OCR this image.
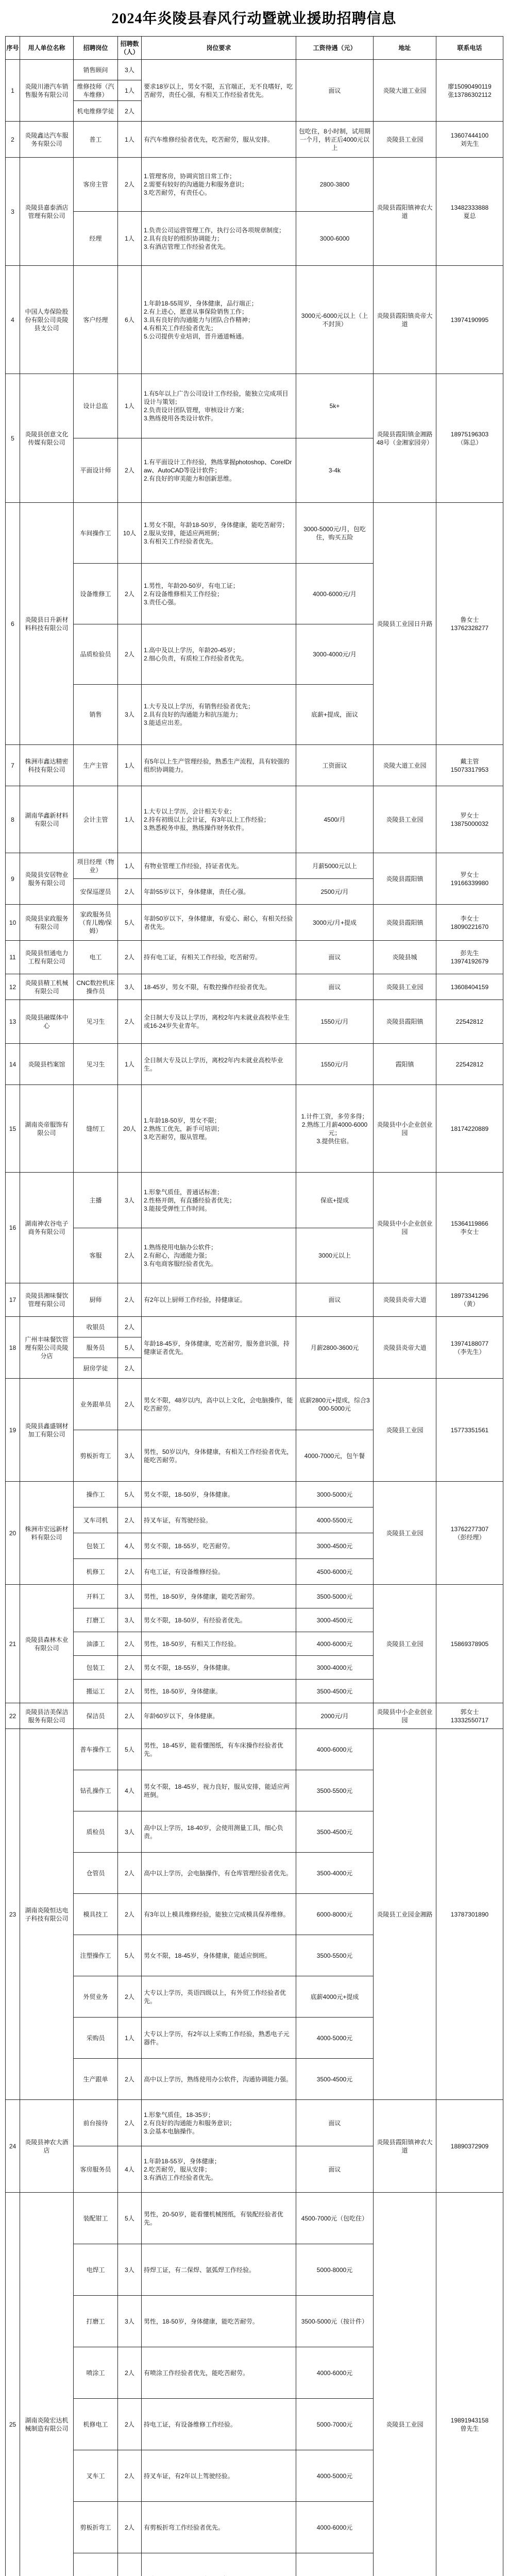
2024年炎陵县春风行动暨就业援助招聘信息
序号	用人单位名称	招聘岗位	招聘数（人）	岗位要求	工资待遇（元）	地址	联系电话
1	炎陵川港汽车销售服务有限公司	销售顾问	3人	要求18岁以上，男女不限，五官端正，无不良嗜好，吃苦耐劳，责任心强，有相关工作经验者优先。	面议	炎陵大道工业园	廖15090490119
张13786302112
		维修技师（汽车维修）	1人				
		机电维修学徒	2人				
2	炎陵鑫达汽车服务有限公司	普工	1人	有汽车维修经验者优先，吃苦耐劳，服从安排。	包吃住，8小时制，试用期一个月，转正后4000元以上	炎陵县工业园	13607444100
刘先生
3	炎陵县嘉泰酒店管理有限公司	客房主管	2人	1.管理客房，协调宾馆日常工作；
2.需要有较好的沟通能力和服务意识；
3.吃苦耐劳，有责任心。	2800-3800	炎陵县霞阳镇神农大道	13482333888
夏总
		经理	1人	1.负责公司运营管理工作，执行公司各项规章制度；
2.具有良好的组织协调能力；
3.有酒店管理工作经验者优先。	3000-6000		
4	中国人寿保险股份有限公司炎陵县支公司	客户经理	6人	1.年龄18-55周岁，身体健康，品行端正；
2.有上进心，愿意从事保险销售工作；
3.具有良好的沟通能力与团队合作精神；
4.有相关工作经验者优先；
5.公司提供专业培训，晋升通道畅通。	3000元-6000元以上（上不封顶）	炎陵县霞阳镇炎帝大道	13974190995
5	炎陵县创意文化传媒有限公司	设计总监	1人	1.有5年以上广告公司设计工作经验，能独立完成项目设计与策划；
2.负责设计团队管理，审核设计方案；
3.熟练使用各类设计软件。	5k+	炎陵县霞阳镇金湘路48号（金湘家园旁）	18975196303
（陈总）
		平面设计师	2人	1.有平面设计工作经验，熟练掌握photoshop、CorelDraw、AutoCAD等设计软件；
2.有良好的审美能力和创新思维。	3-4k		
6	炎陵县日升新材料科技有限公司	车间操作工	10人	1.男女不限，年龄18-50岁，身体健康，能吃苦耐劳；
2.服从安排，能适应两班倒；
3.有相关工作经验者优先。	3000-5000元/月，包吃住，购买五险	炎陵县工业园日升路	鲁女士
13762328277
		设备维修工	2人	1.男性，年龄20-50岁，有电工证；
2.有设备维修相关工作经验；
3.责任心强。	4000-6000元/月		
		品质检验员	2人	1.高中及以上学历，年龄20-45岁；
2.细心负责，有质检工作经验者优先。	3000-4000元/月		
		销售	3人	1.大专及以上学历，有销售经验者优先；
2.具有良好的沟通能力和抗压能力；
3.能适应出差。	底薪+提成，面议		
7	株洲市鑫达精密科技有限公司	生产主管	1人	有5年以上生产管理经验，熟悉生产流程，具有较强的组织协调能力。	工资面议	炎陵大道工业园	戴主管
15073317953
8	湖南华鑫新材料有限公司	会计主管	1人	1.大专以上学历，会计相关专业；
2.持有初级以上会计证，有3年以上工作经验；
3.熟悉税务申报，熟练操作财务软件。	4500/月	炎陵县工业园	罗女士
13875000032
9	炎陵县安居物业服务有限公司	项目经理（物业）	1人	有物业管理工作经验，持证者优先。	月薪5000元以上	炎陵县霞阳镇	罗女士
19166339980
		安保巡逻员	2人	年龄55岁以下，身体健康，责任心强。	2500元/月		
10	炎陵县家政服务有限公司	家政服务员（育儿嫂/保姆）	5人	年龄50岁以下，身体健康，有爱心、耐心，有相关经验者优先。	3000元/月+提成	炎陵县霞阳镇	李女士
18090221670
11	炎陵县恒通电力工程有限公司	电工	2人	持有电工证，有相关工作经验，吃苦耐劳。	面议	炎陵县城	彭先生
13974192679
12	炎陵县精工机械有限公司	CNC数控机床操作员	3人	18-45岁，男女不限，有数控操作经验者优先。	面议	炎陵县工业园	13608404159
13	炎陵县融媒体中心	见习生	2人	全日制大专及以上学历，离校2年内未就业高校毕业生或16-24岁失业青年。	1550元/月	炎陵县霞阳镇	22542812
14	炎陵县档案馆	见习生	1人	全日制大专及以上学历，离校2年内未就业高校毕业生。	1550元/月	霞阳镇	22542812
15	湖南炎帝服饰有限公司	缝纫工	20人	1.年龄18-50岁，男女不限；
2.熟练工优先，新手可培训；
3.吃苦耐劳，服从管理。	1.计件工资，多劳多得；
2.熟练工月薪4000-6000元；
3.提供住宿。	炎陵县中小企业创业园	18174220889
16	湖南神农谷电子商务有限公司	主播	3人	1.形象气质佳，普通话标准；
2.性格开朗，有直播经验者优先；
3.能接受弹性工作时间。	保底+提成	炎陵县中小企业创业园	15364119866
李女士
		客服	2人	1.熟练使用电脑办公软件；
2.有耐心，沟通能力强；
3.有电商客服经验者优先。	3000元以上		
17	炎陵县湘味餐饮管理有限公司	厨师	2人	有2年以上厨师工作经验，持健康证。	面议	炎陵县炎帝大道	18973341296
（黄）
18	广州丰味餐饮管理有限公司炎陵分店	收银员	2人	年龄18-45岁，身体健康，吃苦耐劳，服务意识强，持健康证者优先。	月薪2800-3600元	炎陵县炎帝大道	13974188077
（李先生）
		服务员	5人				
		厨房学徒	2人				
19	炎陵县鑫盛钢材加工有限公司	业务跟单员	2人	男女不限，48岁以内，高中以上文化，会电脑操作，能吃苦耐劳。	底薪2800元+提成，综合3000-5000元	炎陵县工业园	15773351561
		剪板折弯工	3人	男性，50岁以内，身体健康，有相关工作经验者优先，能吃苦耐劳。	4000-7000元，包午餐		
20	株洲市宏远新材料有限公司	操作工	5人	男女不限，18-50岁，身体健康。	3000-5000元	炎陵县工业园	13762277307
（彭经理）
		叉车司机	2人	持叉车证，有驾驶经验。	4000-5500元		
		包装工	4人	男女不限，18-55岁，吃苦耐劳。	3000-4500元		
		机修工	2人	有电工证，有设备维修经验。	4500-6000元		
21	炎陵县森林木业有限公司	开料工	3人	男性，18-50岁，身体健康，能吃苦耐劳。	3500-5000元	炎陵县工业园	15869378905
		打磨工	3人	男女不限，18-50岁，有经验者优先。	3000-4500元		
		油漆工	2人	男性，18-50岁，有相关工作经验。	4000-6000元		
		包装工	2人	男女不限，18-55岁，身体健康。	3000-4000元		
		搬运工	2人	男性，18-50岁，身体健康。	3500-4500元		
22	炎陵县洁美保洁服务有限公司	保洁员	2人	年龄60岁以下，身体健康。	2000元/月	炎陵县中小企业创业园	郭女士
13332550717
23	湖南炎陵恒达电子科技有限公司	普车操作工	5人	男性，18-45岁，能看懂图纸，有车床操作经验者优先。	4000-6000元	炎陵县工业园金湘路	13787301890
		钻孔操作工	4人	男女不限，18-45岁，视力良好，服从安排，能适应两班倒。	3500-5500元		
		质检员	3人	高中以上学历，18-40岁，会使用测量工具，细心负责。	3500-4500元		
		仓管员	2人	高中以上学历，会电脑操作，有仓库管理经验者优先。	3500-4000元		
		模具技工	2人	有3年以上模具维修经验，能独立完成模具保养维修。	6000-8000元		
		注塑操作工	5人	男女不限，18-45岁，身体健康，能适应倒班。	3500-5500元		
		外贸业务	2人	大专以上学历，英语四级以上，有外贸工作经验者优先。	底薪4000元+提成		
		采购员	1人	大专以上学历，有2年以上采购工作经验，熟悉电子元器件。	4000-5000元		
		生产跟单	2人	高中以上学历，熟练使用办公软件，沟通协调能力强。	3500-4500元		
24	炎陵县神农大酒店	前台接待	2人	1.形象气质佳，18-35岁；
2.有良好的沟通能力和服务意识；
3.会基本电脑操作。	面议	炎陵县霞阳镇神农大道	18890372909
		客房服务员	4人	1.年龄18-55岁，身体健康；
2.吃苦耐劳，服从安排；
3.有酒店工作经验者优先。	面议		
25	湖南炎陵宏达机械制造有限公司	装配钳工	5人	男性，20-50岁，能看懂机械图纸，有装配经验者优先。	4500-7000元（包吃住）	炎陵县工业园	19891943158
曾先生
		电焊工	3人	持焊工证，有二保焊、氩弧焊工作经验。	5000-8000元		
		打磨工	3人	男性，18-50岁，身体健康，能吃苦耐劳。	3500-5000元（按计件）		
		喷涂工	2人	有喷涂工作经验者优先，能吃苦耐劳。	4000-6000元		
		机修电工	2人	持电工证，有设备维修工作经验。	5000-7000元		
		叉车工	2人	持叉车证，有2年以上驾驶经验。	4000-5000元		
		剪板折弯工	2人	有剪板折弯工作经验者优先。	4000-6000元		
